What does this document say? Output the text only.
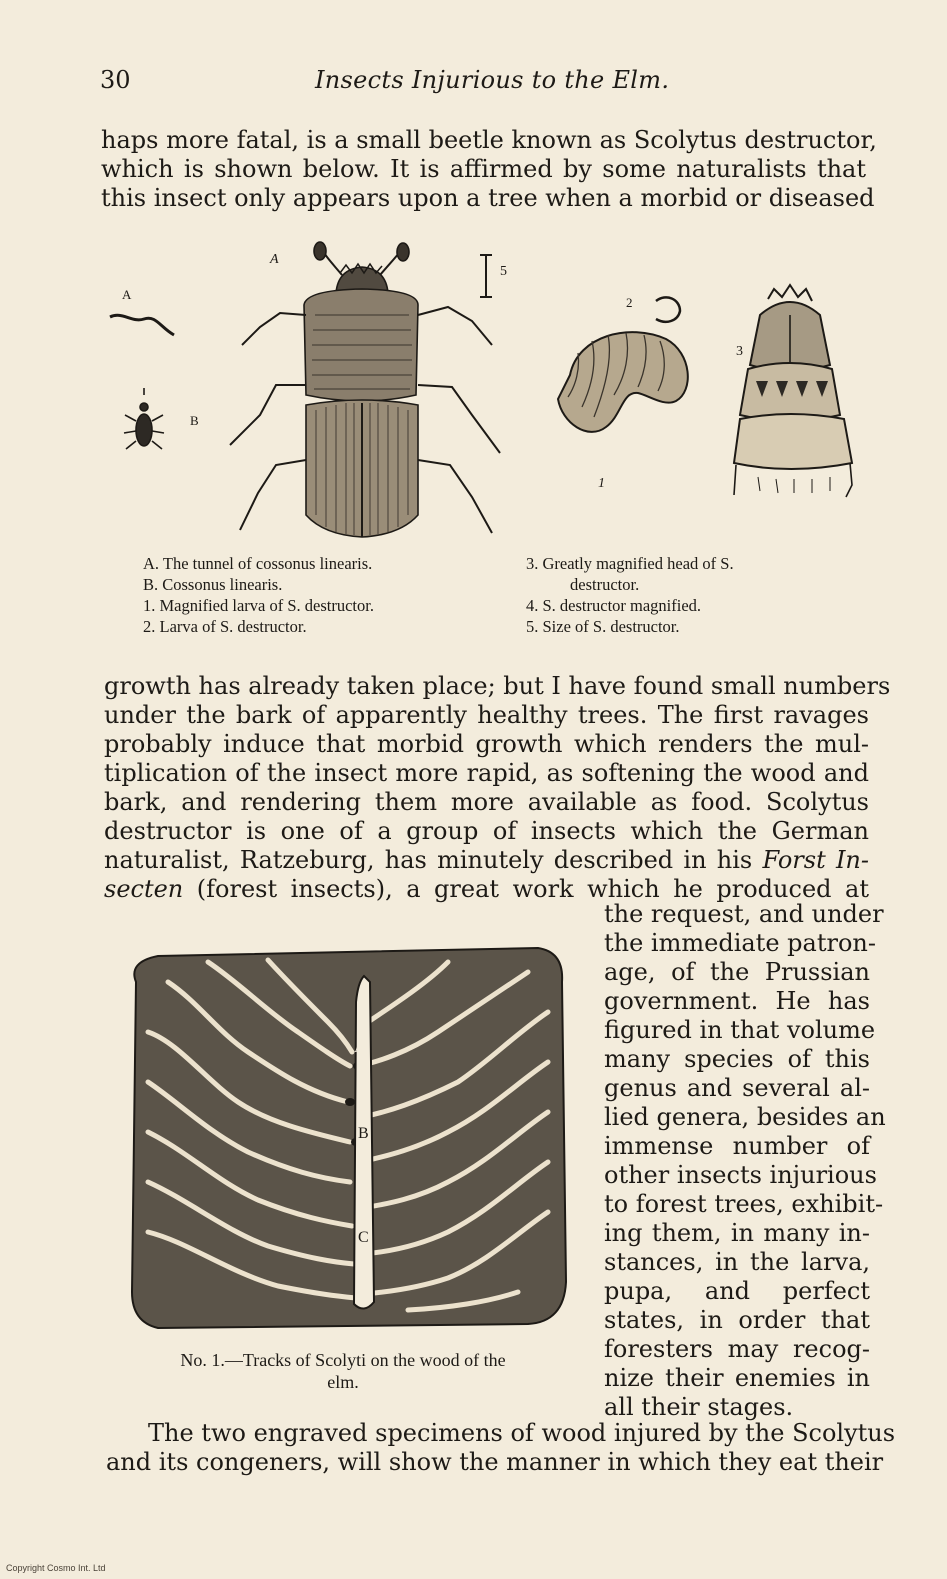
30	Insects Injurious to the Elm.

haps more fatal, is a small beetle known as Scolytus destructor,
which is shown below. It is affirmed by some naturalists that
this insect only appears upon a tree when a morbid or diseased

A
B
A
5
2
1
3
A. The tunnel of cossonus linearis.
B. Cossonus linearis.
1. Magnified larva of S. destructor.
2. Larva of S. destructor.
3. Greatly magnified head of S.
destructor.
4. S. destructor magnified.
5. Size of S. destructor.

growth has already taken place; but I have found small numbers
under the bark of apparently healthy trees. The first ravages
probably induce that morbid growth which renders the mul-
tiplication of the insect more rapid, as softening the wood and
bark, and rendering them more available as food. Scolytus
destructor is one of a group of insects which the German
naturalist, Ratzeburg, has minutely described in his Forst In-
secten (forest insects), a great work which he produced at

A
B
C
No. 1.—Tracks of Scolyti on the wood of the
elm.
the request, and under
the immediate patron-
age, of the Prussian
government. He has
figured in that volume
many species of this
genus and several al-
lied genera, besides an
immense number of
other insects injurious
to forest trees, exhibit-
ing them, in many in-
stances, in the larva,
pupa, and perfect
states, in order that
foresters may recog-
nize their enemies in
all their stages.

The two engraved specimens of wood injured by the Scolytus
and its congeners, will show the manner in which they eat their

Copyright Cosmo Int. Ltd
